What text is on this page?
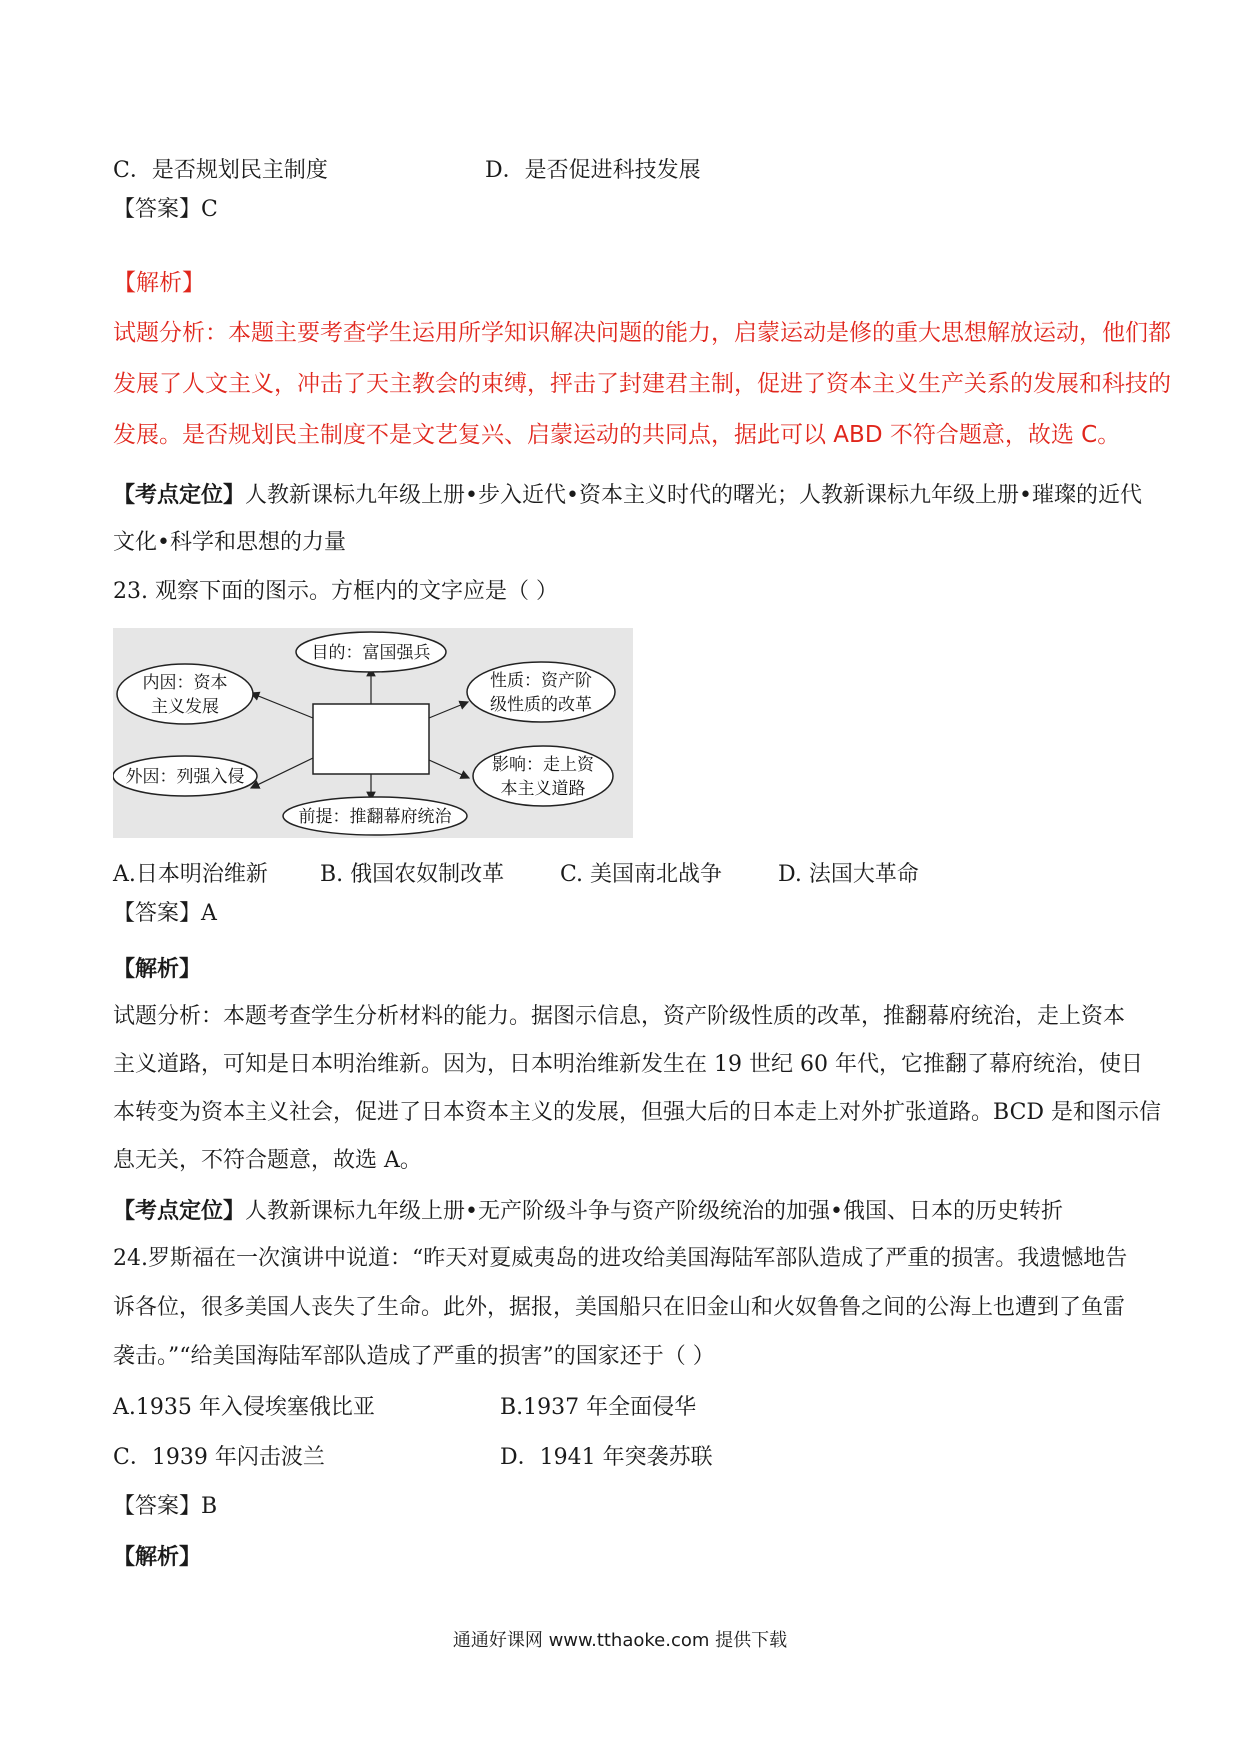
C．是否规划民主制度	D．是否促进科技发展
【答案】C
【解析】
试题分析：本题主要考查学生运用所学知识解决问题的能力，启蒙运动是修的重大思想解放运动，他们都
发展了人文主义，冲击了天主教会的束缚，抨击了封建君主制，促进了资本主义生产关系的发展和科技的
发展。是否规划民主制度不是文艺复兴、启蒙运动的共同点，据此可以 ABD 不符合题意，故选 C。
【考点定位】人教新课标九年级上册•步入近代•资本主义时代的曙光；人教新课标九年级上册•璀璨的近代
文化•科学和思想的力量
23. 观察下面的图示。方框内的文字应是（ ）
目的：富国强兵
内因：资本
主义发展
外因：列强入侵
性质：资产阶
级性质的改革
影响：走上资
本主义道路
前提：推翻幕府统治
A.日本明治维新 B. 俄国农奴制改革	C. 美国南北战争	D. 法国大革命
【答案】A
【解析】
试题分析：本题考查学生分析材料的能力。据图示信息，资产阶级性质的改革，推翻幕府统治，走上资本
主义道路，可知是日本明治维新。因为，日本明治维新发生在 19 世纪 60 年代，它推翻了幕府统治，使日
本转变为资本主义社会，促进了日本资本主义的发展，但强大后的日本走上对外扩张道路。BCD 是和图示信
息无关，不符合题意，故选 A。
【考点定位】人教新课标九年级上册•无产阶级斗争与资产阶级统治的加强•俄国、日本的历史转折
24.罗斯福在一次演讲中说道：“昨天对夏威夷岛的进攻给美国海陆军部队造成了严重的损害。我遗憾地告
诉各位，很多美国人丧失了生命。此外，据报，美国船只在旧金山和火奴鲁鲁之间的公海上也遭到了鱼雷
袭击。”“给美国海陆军部队造成了严重的损害”的国家还于（ ）
A.1935 年入侵埃塞俄比亚	B.1937 年全面侵华
C．1939 年闪击波兰	D．1941 年突袭苏联
【答案】B
【解析】
通通好课网 www.tthaoke.com 提供下载
